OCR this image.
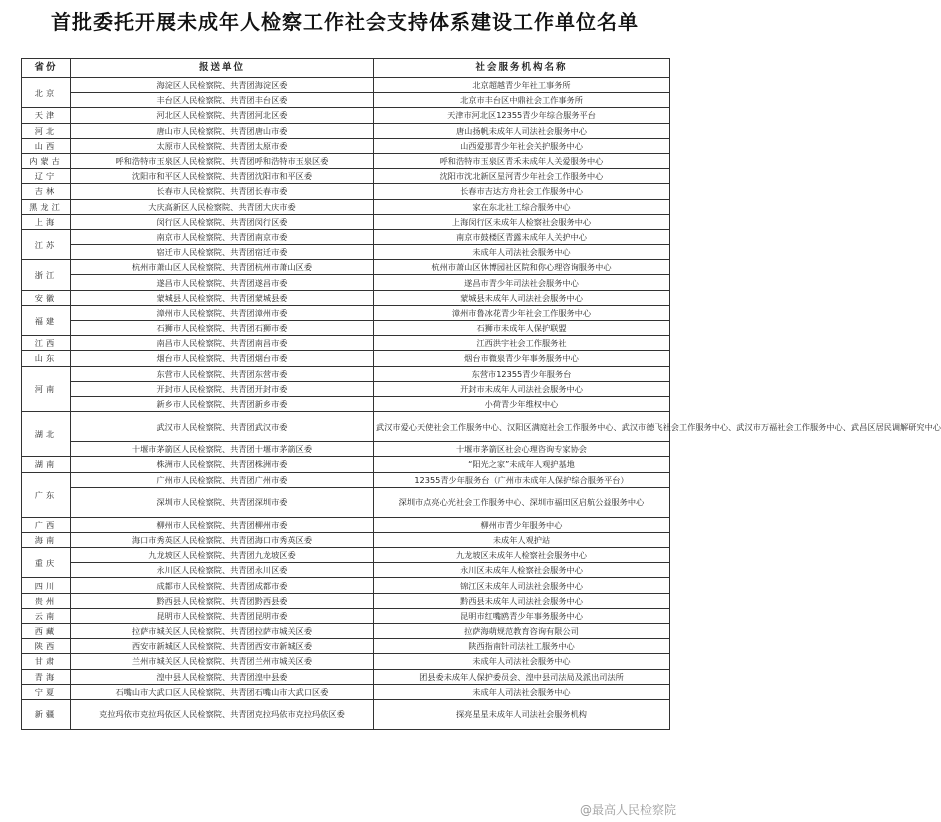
首批委托开展未成年人检察工作社会支持体系建设工作单位名单
省份	报送单位	社会服务机构名称
北京	海淀区人民检察院、共青团海淀区委	北京超越青少年社工事务所
	丰台区人民检察院、共青团丰台区委	北京市丰台区中鼎社会工作事务所
天津	河北区人民检察院、共青团河北区委	天津市河北区12355青少年综合服务平台
河北	唐山市人民检察院、共青团唐山市委	唐山扬帆未成年人司法社会服务中心
山西	太原市人民检察院、共青团太原市委	山西爱那青少年社会关护服务中心
内蒙古	呼和浩特市玉泉区人民检察院、共青团呼和浩特市玉泉区委	呼和浩特市玉泉区青禾未成年人关爱服务中心
辽宁	沈阳市和平区人民检察院、共青团沈阳市和平区委	沈阳市沈北新区星河青少年社会工作服务中心
吉林	长春市人民检察院、共青团长春市委	长春市吉达方舟社会工作服务中心
黑龙江	大庆高新区人民检察院、共青团大庆市委	家在东北社工综合服务中心
上海	闵行区人民检察院、共青团闵行区委	上海闵行区未成年人检察社会服务中心
江苏	南京市人民检察院、共青团南京市委	南京市鼓楼区青露未成年人关护中心
	宿迁市人民检察院、共青团宿迁市委	未成年人司法社会服务中心
浙江	杭州市萧山区人民检察院、共青团杭州市萧山区委	杭州市萧山区休博园社区院和你心理咨询服务中心
	遂昌市人民检察院、共青团遂昌市委	遂昌市青少年司法社会服务中心
安徽	蒙城县人民检察院、共青团蒙城县委	蒙城县未成年人司法社会服务中心
福建	漳州市人民检察院、共青团漳州市委	漳州市鲁冰花青少年社会工作服务中心
	石狮市人民检察院、共青团石狮市委	石狮市未成年人保护联盟
江西	南昌市人民检察院、共青团南昌市委	江西洪宇社会工作服务社
山东	烟台市人民检察院、共青团烟台市委	烟台市微泉青少年事务服务中心
河南	东营市人民检察院、共青团东营市委	东营市12355青少年服务台
	开封市人民检察院、共青团开封市委	开封市未成年人司法社会服务中心
	新乡市人民检察院、共青团新乡市委	小荷青少年维权中心
湖北	武汉市人民检察院、共青团武汉市委	武汉市爱心天使社会工作服务中心、汉阳区满庭社会工作服务中心、武汉市德飞社会工作服务中心、武汉市万福社会工作服务中心、武昌区居民调解研究中心
	十堰市茅箭区人民检察院、共青团十堰市茅箭区委	十堰市茅箭区社会心理咨询专家协会
湖南	株洲市人民检察院、共青团株洲市委	“阳光之家”未成年人观护基地
广东	广州市人民检察院、共青团广州市委	12355青少年服务台（广州市未成年人保护综合服务平台）
	深圳市人民检察院、共青团深圳市委	深圳市点亮心光社会工作服务中心、深圳市福田区启航公益服务中心
广西	柳州市人民检察院、共青团柳州市委	柳州市青少年服务中心
海南	海口市秀英区人民检察院、共青团海口市秀英区委	未成年人观护站
重庆	九龙坡区人民检察院、共青团九龙坡区委	九龙坡区未成年人检察社会服务中心
	永川区人民检察院、共青团永川区委	永川区未成年人检察社会服务中心
四川	成都市人民检察院、共青团成都市委	锦江区未成年人司法社会服务中心
贵州	黔西县人民检察院、共青团黔西县委	黔西县未成年人司法社会服务中心
云南	昆明市人民检察院、共青团昆明市委	昆明市红嘴鸥青少年事务服务中心
西藏	拉萨市城关区人民检察院、共青团拉萨市城关区委	拉萨海萌规范教育咨询有限公司
陕西	西安市新城区人民检察院、共青团西安市新城区委	陕西指南针司法社工服务中心
甘肃	兰州市城关区人民检察院、共青团兰州市城关区委	未成年人司法社会服务中心
青海	湟中县人民检察院、共青团湟中县委	团县委未成年人保护委员会、湟中县司法局及派出司法所
宁夏	石嘴山市大武口区人民检察院、共青团石嘴山市大武口区委	未成年人司法社会服务中心
新疆	克拉玛依市克拉玛依区人民检察院、共青团克拉玛依市克拉玛依区委	探亮星星未成年人司法社会服务机构
@最高人民检察院
